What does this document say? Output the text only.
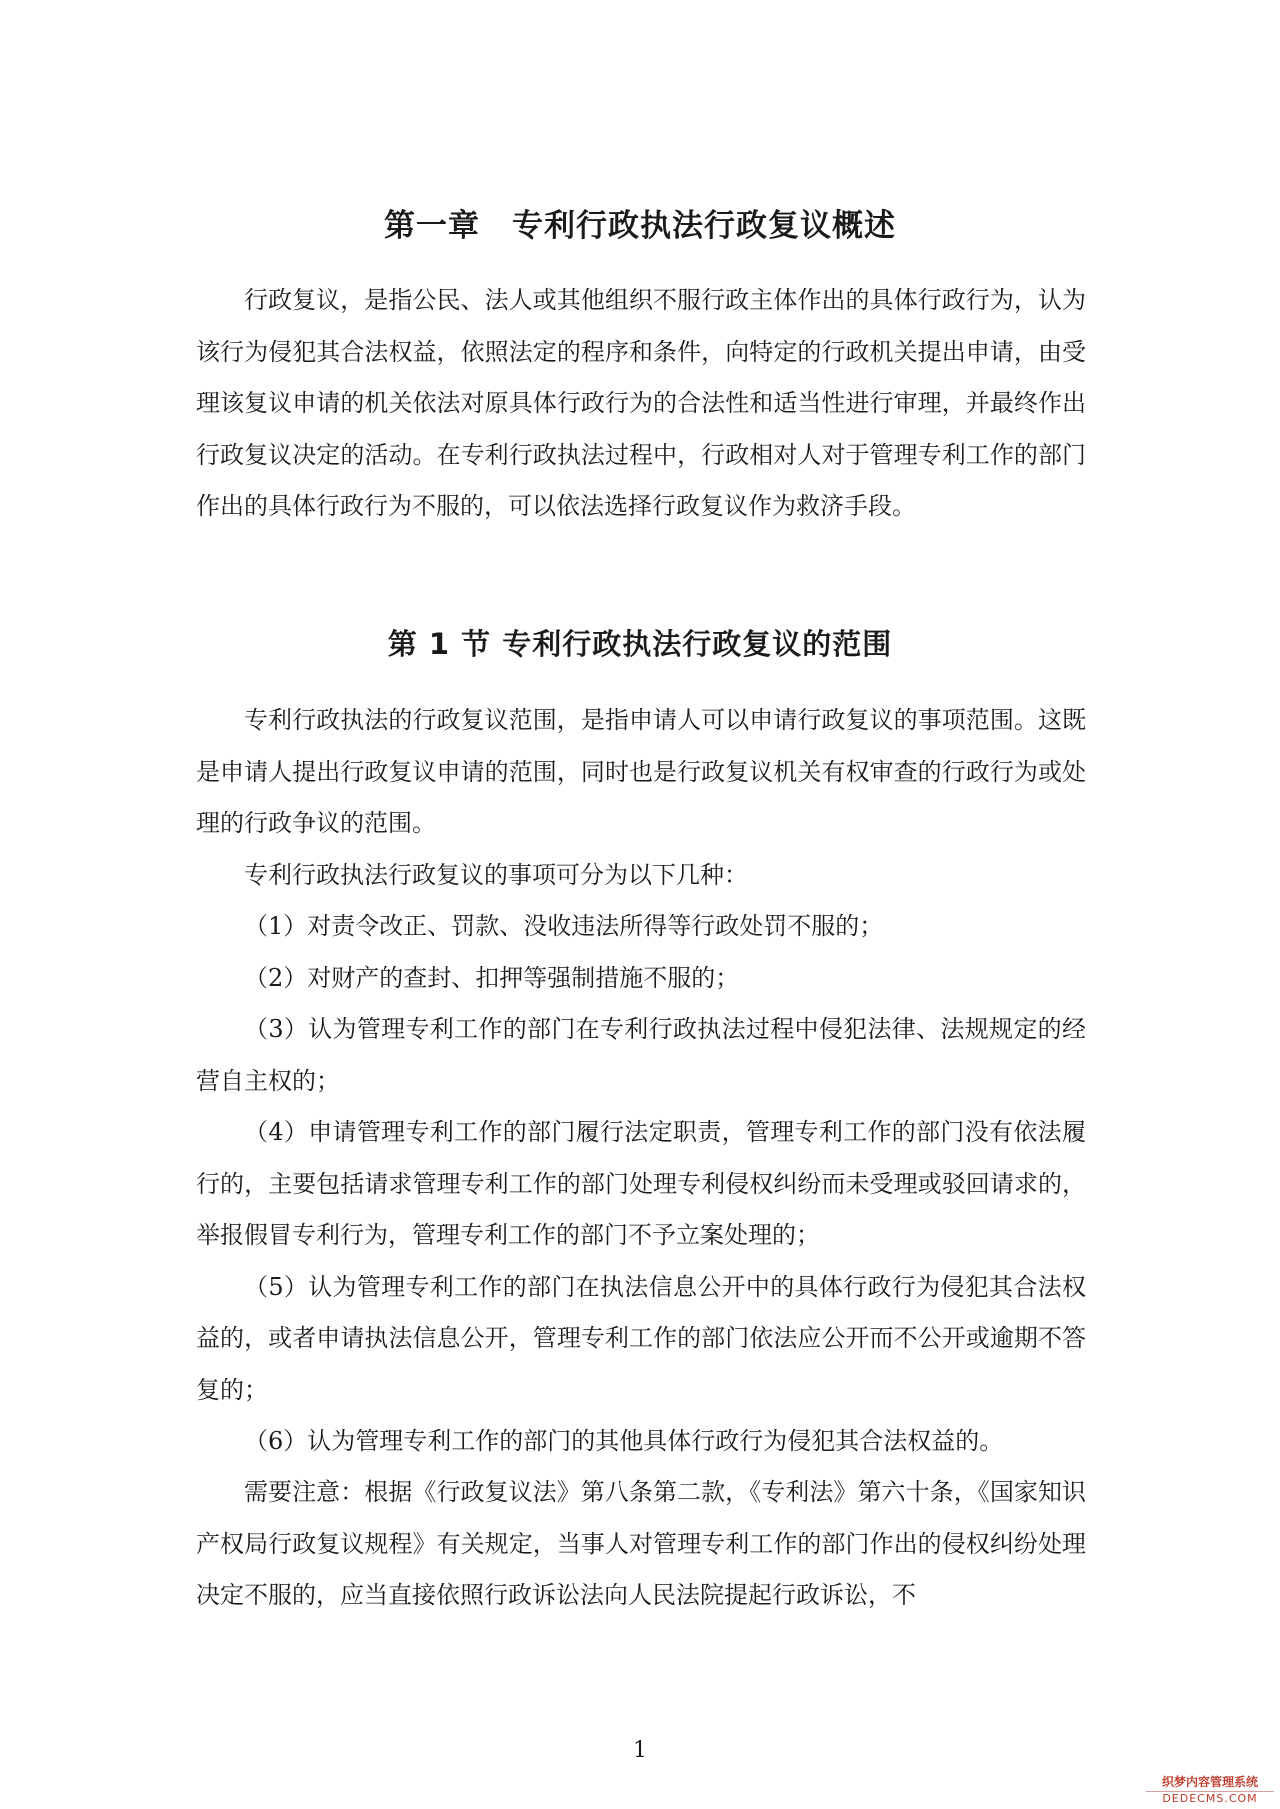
第一章　专利行政执法行政复议概述

行政复议，是指公民、法人或其他组织不服行政主体作出的具体行政行为，认为该行为侵犯其合法权益，依照法定的程序和条件，向特定的行政机关提出申请，由受理该复议申请的机关依法对原具体行政行为的合法性和适当性进行审理，并最终作出行政复议决定的活动。在专利行政执法过程中，行政相对人对于管理专利工作的部门作出的具体行政行为不服的，可以依法选择行政复议作为救济手段。

第 1 节 专利行政执法行政复议的范围

专利行政执法的行政复议范围，是指申请人可以申请行政复议的事项范围。这既是申请人提出行政复议申请的范围，同时也是行政复议机关有权审查的行政行为或处理的行政争议的范围。

专利行政执法行政复议的事项可分为以下几种：

（1）对责令改正、罚款、没收违法所得等行政处罚不服的；
（2）对财产的查封、扣押等强制措施不服的；
（3）认为管理专利工作的部门在专利行政执法过程中侵犯法律、法规规定的经营自主权的；
（4）申请管理专利工作的部门履行法定职责，管理专利工作的部门没有依法履行的，主要包括请求管理专利工作的部门处理专利侵权纠纷而未受理或驳回请求的，举报假冒专利行为，管理专利工作的部门不予立案处理的；
（5）认为管理专利工作的部门在执法信息公开中的具体行政行为侵犯其合法权益的，或者申请执法信息公开，管理专利工作的部门依法应公开而不公开或逾期不答复的；
（6）认为管理专利工作的部门的其他具体行政行为侵犯其合法权益的。

需要注意：根据《行政复议法》第八条第二款，《专利法》第六十条，《国家知识产权局行政复议规程》有关规定，当事人对管理专利工作的部门作出的侵权纠纷处理决定不服的，应当直接依照行政诉讼法向人民法院提起行政诉讼，不

1
织梦内容管理系统
DEDECMS.COM
